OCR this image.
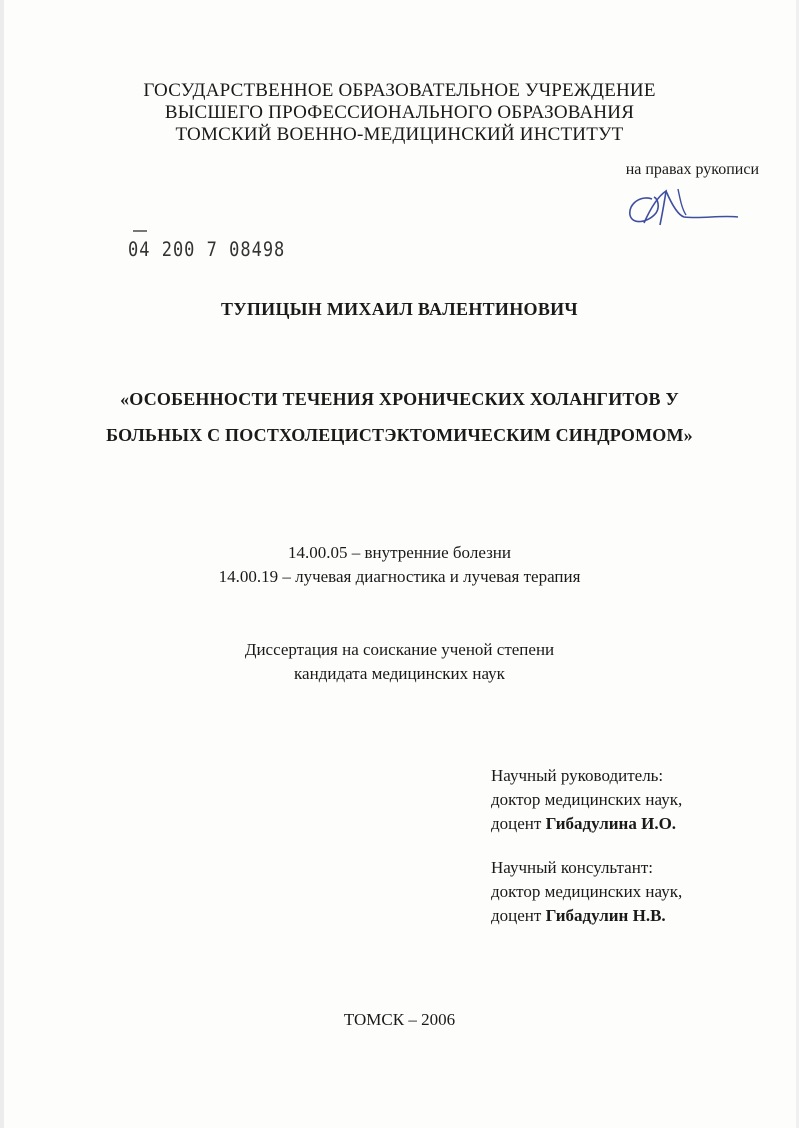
ГОСУДАРСТВЕННОЕ ОБРАЗОВАТЕЛЬНОЕ УЧРЕЖДЕНИЕ
ВЫСШЕГО ПРОФЕССИОНАЛЬНОГО ОБРАЗОВАНИЯ
ТОМСКИЙ ВОЕННО-МЕДИЦИНСКИЙ ИНСТИТУТ
на правах рукописи
04 200 7 08498
ТУПИЦЫН МИХАИЛ ВАЛЕНТИНОВИЧ
«ОСОБЕННОСТИ ТЕЧЕНИЯ ХРОНИЧЕСКИХ ХОЛАНГИТОВ У
БОЛЬНЫХ С ПОСТХОЛЕЦИСТЭКТОМИЧЕСКИМ СИНДРОМОМ»
14.00.05 – внутренние болезни
14.00.19 – лучевая диагностика и лучевая терапия
Диссертация на соискание ученой степени
кандидата медицинских наук
Научный руководитель:
доктор медицинских наук,
доцент Гибадулина И.О.
Научный консультант:
доктор медицинских наук,
доцент Гибадулин Н.В.
ТОМСК – 2006
